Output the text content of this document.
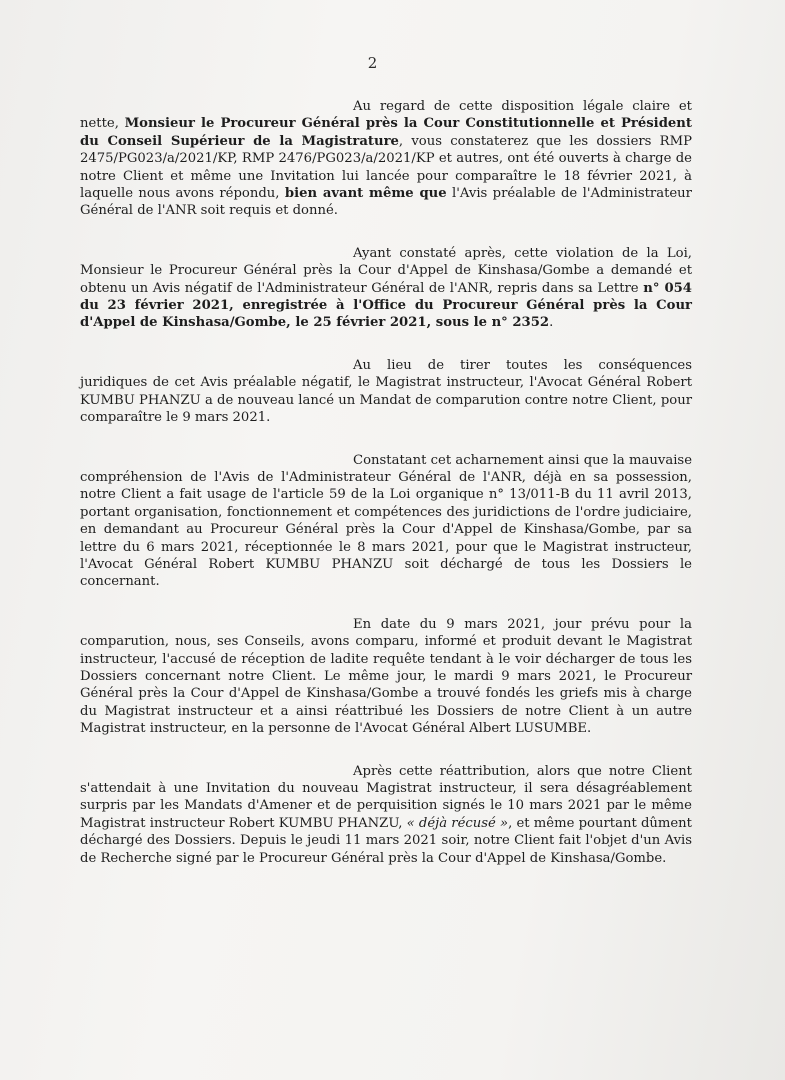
2

Au regard de cette disposition légale claire et nette, Monsieur le Procureur Général près la Cour Constitutionnelle et Président du Conseil Supérieur de la Magistrature, vous constaterez que les dossiers RMP 2475/PG023/a/2021/KP, RMP 2476/PG023/a/2021/KP et autres, ont été ouverts à charge de notre Client et même une Invitation lui lancée pour comparaître le 18 février 2021, à laquelle nous avons répondu, bien avant même que l'Avis préalable de l'Administrateur Général de l'ANR soit requis et donné.

Ayant constaté après, cette violation de la Loi, Monsieur le Procureur Général près la Cour d'Appel de Kinshasa/Gombe a demandé et obtenu un Avis négatif de l'Administrateur Général de l'ANR, repris dans sa Lettre n° 054 du 23 février 2021, enregistrée à l'Office du Procureur Général près la Cour d'Appel de Kinshasa/Gombe, le 25 février 2021, sous le n° 2352.

Au lieu de tirer toutes les conséquences juridiques de cet Avis préalable négatif, le Magistrat instructeur, l'Avocat Général Robert KUMBU PHANZU a de nouveau lancé un Mandat de comparution contre notre Client, pour comparaître le 9 mars 2021.

Constatant cet acharnement ainsi que la mauvaise compréhension de l'Avis de l'Administrateur Général de l'ANR, déjà en sa possession, notre Client a fait usage de l'article 59 de la Loi organique n° 13/011-B du 11 avril 2013, portant organisation, fonctionnement et compétences des juridictions de l'ordre judiciaire, en demandant au Procureur Général près la Cour d'Appel de Kinshasa/Gombe, par sa lettre du 6 mars 2021, réceptionnée le 8 mars 2021, pour que le Magistrat instructeur, l'Avocat Général Robert KUMBU PHANZU soit déchargé de tous les Dossiers le concernant.

En date du 9 mars 2021, jour prévu pour la comparution, nous, ses Conseils, avons comparu, informé et produit devant le Magistrat instructeur, l'accusé de réception de ladite requête tendant à le voir décharger de tous les Dossiers concernant notre Client. Le même jour, le mardi 9 mars 2021, le Procureur Général près la Cour d'Appel de Kinshasa/Gombe a trouvé fondés les griefs mis à charge du Magistrat instructeur et a ainsi réattribué les Dossiers de notre Client à un autre Magistrat instructeur, en la personne de l'Avocat Général Albert LUSUMBE.

Après cette réattribution, alors que notre Client s'attendait à une Invitation du nouveau Magistrat instructeur, il sera désagréablement surpris par les Mandats d'Amener et de perquisition signés le 10 mars 2021 par le même Magistrat instructeur Robert KUMBU PHANZU, « déjà récusé », et même pourtant dûment déchargé des Dossiers. Depuis le jeudi 11 mars 2021 soir, notre Client fait l'objet d'un Avis de Recherche signé par le Procureur Général près la Cour d'Appel de Kinshasa/Gombe.
